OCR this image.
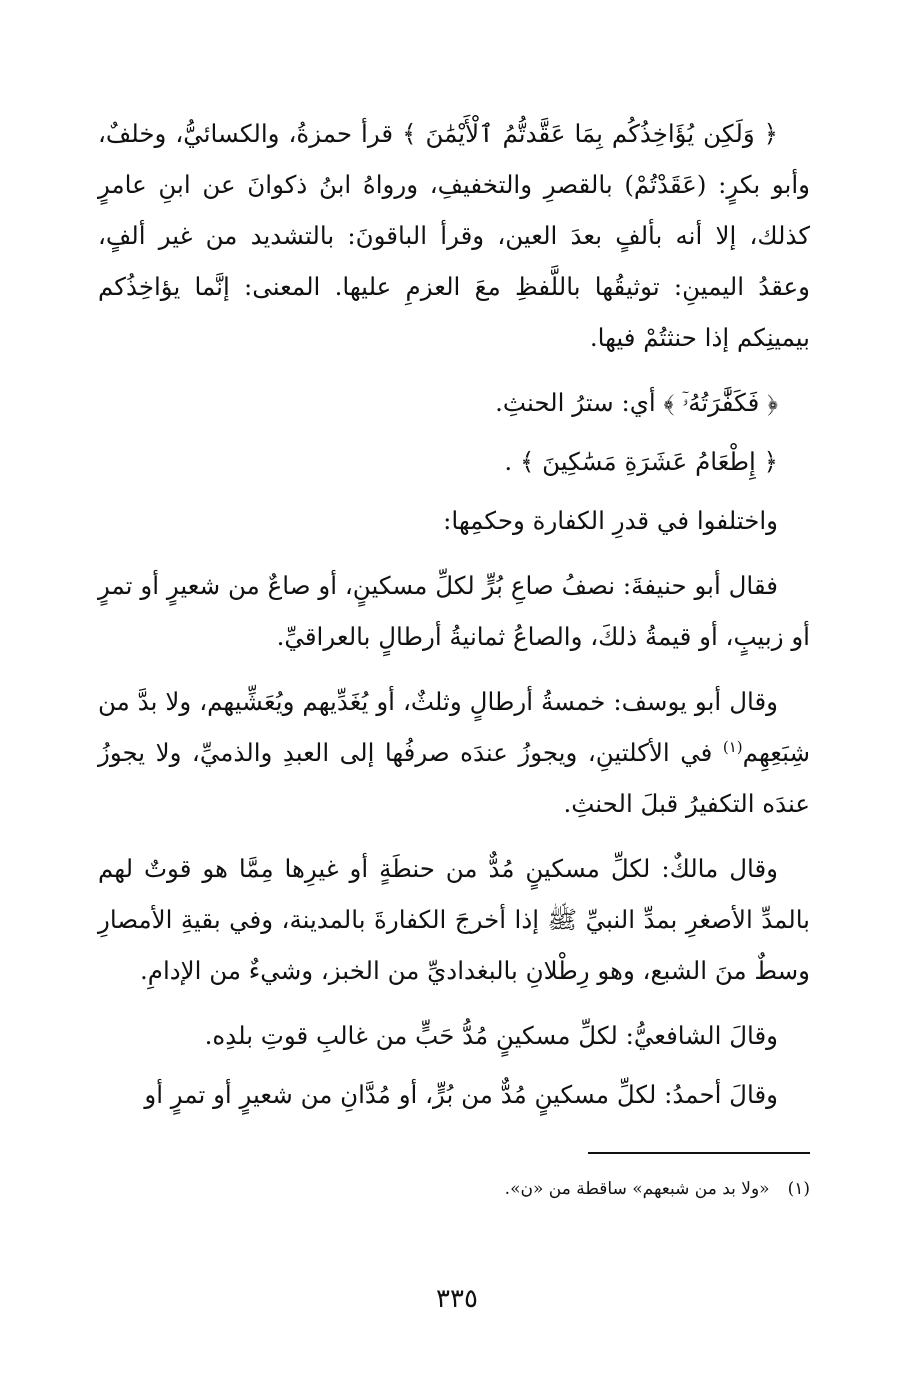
﴿ وَلَكِن يُؤَاخِذُكُم بِمَا عَقَّدتُّمُ ٱلْأَيْمَٰنَ ﴾ قرأ حمزةُ، والكسائيُّ، وخلفٌ، وأبو بكرٍ: (عَقَدْتُمْ) بالقصرِ والتخفيفِ، ورواهُ ابنُ ذكوانَ عن ابنِ عامرٍ كذلك، إلا أنه بألفٍ بعدَ العين، وقرأ الباقونَ: بالتشديد من غير ألفٍ، وعقدُ اليمينِ: توثيقُها باللَّفظِ معَ العزمِ عليها. المعنى: إنَّما يؤاخِذُكم بيمينِكم إذا حنثتُمْ فيها.

﴿ فَكَفَّٰرَتُهُۥٓ ﴾ أي: سترُ الحنثِ.

﴿ إِطْعَامُ عَشَرَةِ مَسَٰكِينَ ﴾ .

واختلفوا في قدرِ الكفارة وحكمِها:

فقال أبو حنيفةَ: نصفُ صاعِ بُرٍّ لكلِّ مسكينٍ، أو صاعٌ من شعيرٍ أو تمرٍ أو زبيبٍ، أو قيمةُ ذلكَ، والصاعُ ثمانيةُ أرطالٍ بالعراقيِّ.

وقال أبو يوسف: خمسةُ أرطالٍ وثلثٌ، أو يُغَدِّيهم ويُعَشِّيهم، ولا بدَّ من شِبَعِهِم$^{(١)}$ في الأكلتينِ، ويجوزُ عندَه صرفُها إلى العبدِ والذميِّ، ولا يجوزُ عندَه التكفيرُ قبلَ الحنثِ.

وقال مالكٌ: لكلِّ مسكينٍ مُدٌّ من حنطَةٍ أو غيرِها مِمَّا هو قوتٌ لهم بالمدِّ الأصغرِ بمدِّ النبيِّ ﷺ إذا أخرجَ الكفارةَ بالمدينة، وفي بقيةِ الأمصارِ وسطٌ منَ الشبع، وهو رِطْلانِ بالبغداديِّ من الخبز، وشيءٌ من الإدامِ.

وقالَ الشافعيُّ: لكلِّ مسكينٍ مُدُّ حَبٍّ من غالبِ قوتِ بلدِه.

وقالَ أحمدُ: لكلِّ مسكينٍ مُدٌّ من بُرٍّ، أو مُدَّانِ من شعيرٍ أو تمرٍ أو

(١)«ولا بد من شبعهم» ساقطة من «ن».
٣٣٥
